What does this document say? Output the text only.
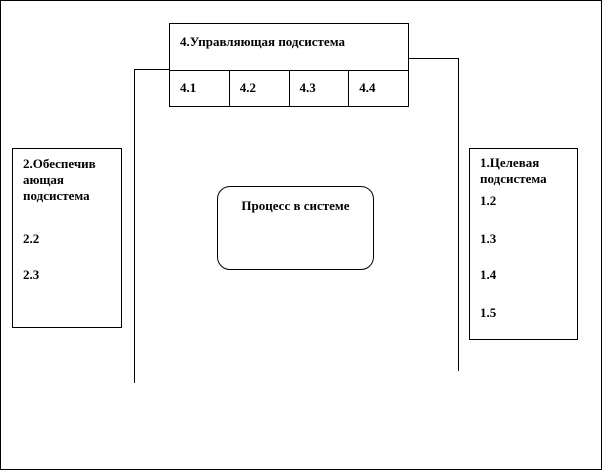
4.Управляющая подсистема
4.1	4.2	4.3	4.4
2.Обеспечив ающая подсистема
2.2
2.3
1.Целевая подсистема
1.2
1.3
1.4
1.5
Процесс в системе
